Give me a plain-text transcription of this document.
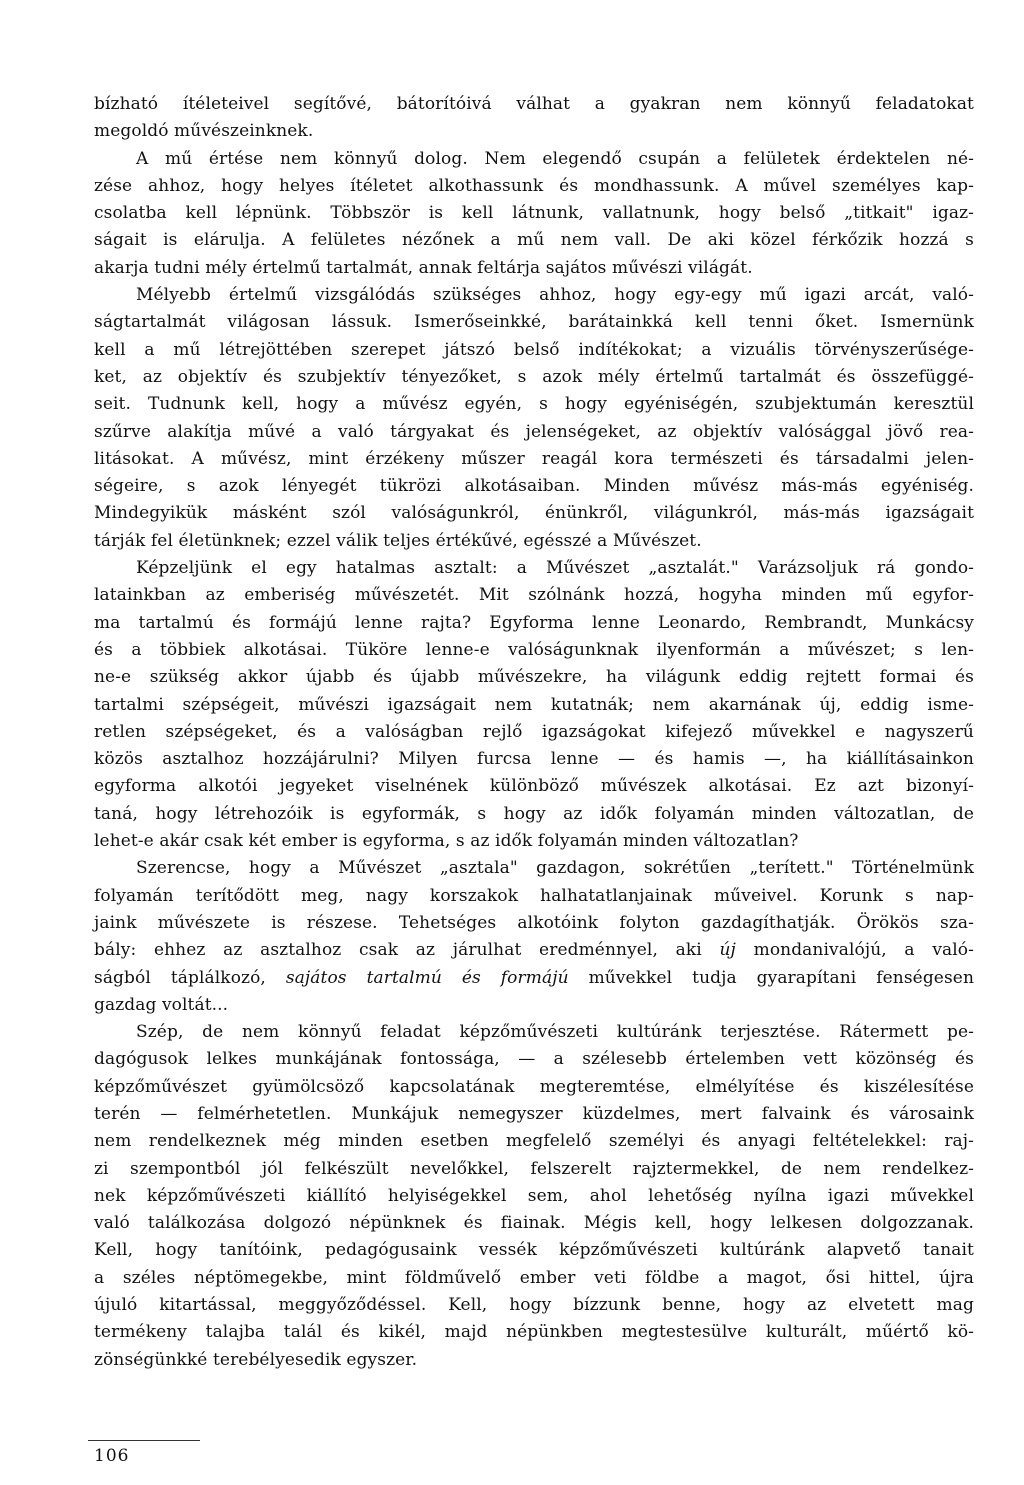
bízható ítéleteivel segítővé, bátorítóivá válhat a gyakran nem könnyű feladatokat
megoldó művészeinknek.
A mű értése nem könnyű dolog. Nem elegendő csupán a felületek érdektelen né-
zése ahhoz, hogy helyes ítéletet alkothassunk és mondhassunk. A művel személyes kap-
csolatba kell lépnünk. Többször is kell látnunk, vallatnunk, hogy belső „titkait" igaz-
ságait is elárulja. A felületes nézőnek a mű nem vall. De aki közel férkőzik hozzá s
akarja tudni mély értelmű tartalmát, annak feltárja sajátos művészi világát.
Mélyebb értelmű vizsgálódás szükséges ahhoz, hogy egy-egy mű igazi arcát, való-
ságtartalmát világosan lássuk. Ismerőseinkké, barátainkká kell tenni őket. Ismernünk
kell a mű létrejöttében szerepet játszó belső indítékokat; a vizuális törvényszerűsége-
ket, az objektív és szubjektív tényezőket, s azok mély értelmű tartalmát és összefüggé-
seit. Tudnunk kell, hogy a művész egyén, s hogy egyéniségén, szubjektumán keresztül
szűrve alakítja művé a való tárgyakat és jelenségeket, az objektív valósággal jövő rea-
litásokat. A művész, mint érzékeny műszer reagál kora természeti és társadalmi jelen-
ségeire, s azok lényegét tükrözi alkotásaiban. Minden művész más-más egyéniség.
Mindegyikük másként szól valóságunkról, énünkről, világunkról, más-más igazságait
tárják fel életünknek; ezzel válik teljes értékűvé, egésszé a Művészet.
Képzeljünk el egy hatalmas asztalt: a Művészet „asztalát." Varázsoljuk rá gondo-
latainkban az emberiség művészetét. Mit szólnánk hozzá, hogyha minden mű egyfor-
ma tartalmú és formájú lenne rajta? Egyforma lenne Leonardo, Rembrandt, Munkácsy
és a többiek alkotásai. Tüköre lenne-e valóságunknak ilyenformán a művészet; s len-
ne-e szükség akkor újabb és újabb művészekre, ha világunk eddig rejtett formai és
tartalmi szépségeit, művészi igazságait nem kutatnák; nem akarnának új, eddig isme-
retlen szépségeket, és a valóságban rejlő igazságokat kifejező művekkel e nagyszerű
közös asztalhoz hozzájárulni? Milyen furcsa lenne — és hamis —, ha kiállításainkon
egyforma alkotói jegyeket viselnének különböző művészek alkotásai. Ez azt bizonyí-
taná, hogy létrehozóik is egyformák, s hogy az idők folyamán minden változatlan, de
lehet-e akár csak két ember is egyforma, s az idők folyamán minden változatlan?
Szerencse, hogy a Művészet „asztala" gazdagon, sokrétűen „terített." Történelmünk
folyamán terítődött meg, nagy korszakok halhatatlanjainak műveivel. Korunk s nap-
jaink művészete is részese. Tehetséges alkotóink folyton gazdagíthatják. Örökös sza-
bály: ehhez az asztalhoz csak az járulhat eredménnyel, aki új mondanivalójú, a való-
ságból táplálkozó, sajátos tartalmú és formájú művekkel tudja gyarapítani fenségesen
gazdag voltát...
Szép, de nem könnyű feladat képzőművészeti kultúránk terjesztése. Rátermett pe-
dagógusok lelkes munkájának fontossága, — a szélesebb értelemben vett közönség és
képzőművészet gyümölcsöző kapcsolatának megteremtése, elmélyítése és kiszélesítése
terén — felmérhetetlen. Munkájuk nemegyszer küzdelmes, mert falvaink és városaink
nem rendelkeznek még minden esetben megfelelő személyi és anyagi feltételekkel: raj-
zi szempontból jól felkészült nevelőkkel, felszerelt rajztermekkel, de nem rendelkez-
nek képzőművészeti kiállító helyiségekkel sem, ahol lehetőség nyílna igazi művekkel
való találkozása dolgozó népünknek és fiainak. Mégis kell, hogy lelkesen dolgozzanak.
Kell, hogy tanítóink, pedagógusaink vessék képzőművészeti kultúránk alapvető tanait
a széles néptömegekbe, mint földművelő ember veti földbe a magot, ősi hittel, újra
újuló kitartással, meggyőződéssel. Kell, hogy bízzunk benne, hogy az elvetett mag
termékeny talajba talál és kikél, majd népünkben megtestesülve kulturált, műértő kö-
zönségünkké terebélyesedik egyszer.
106
